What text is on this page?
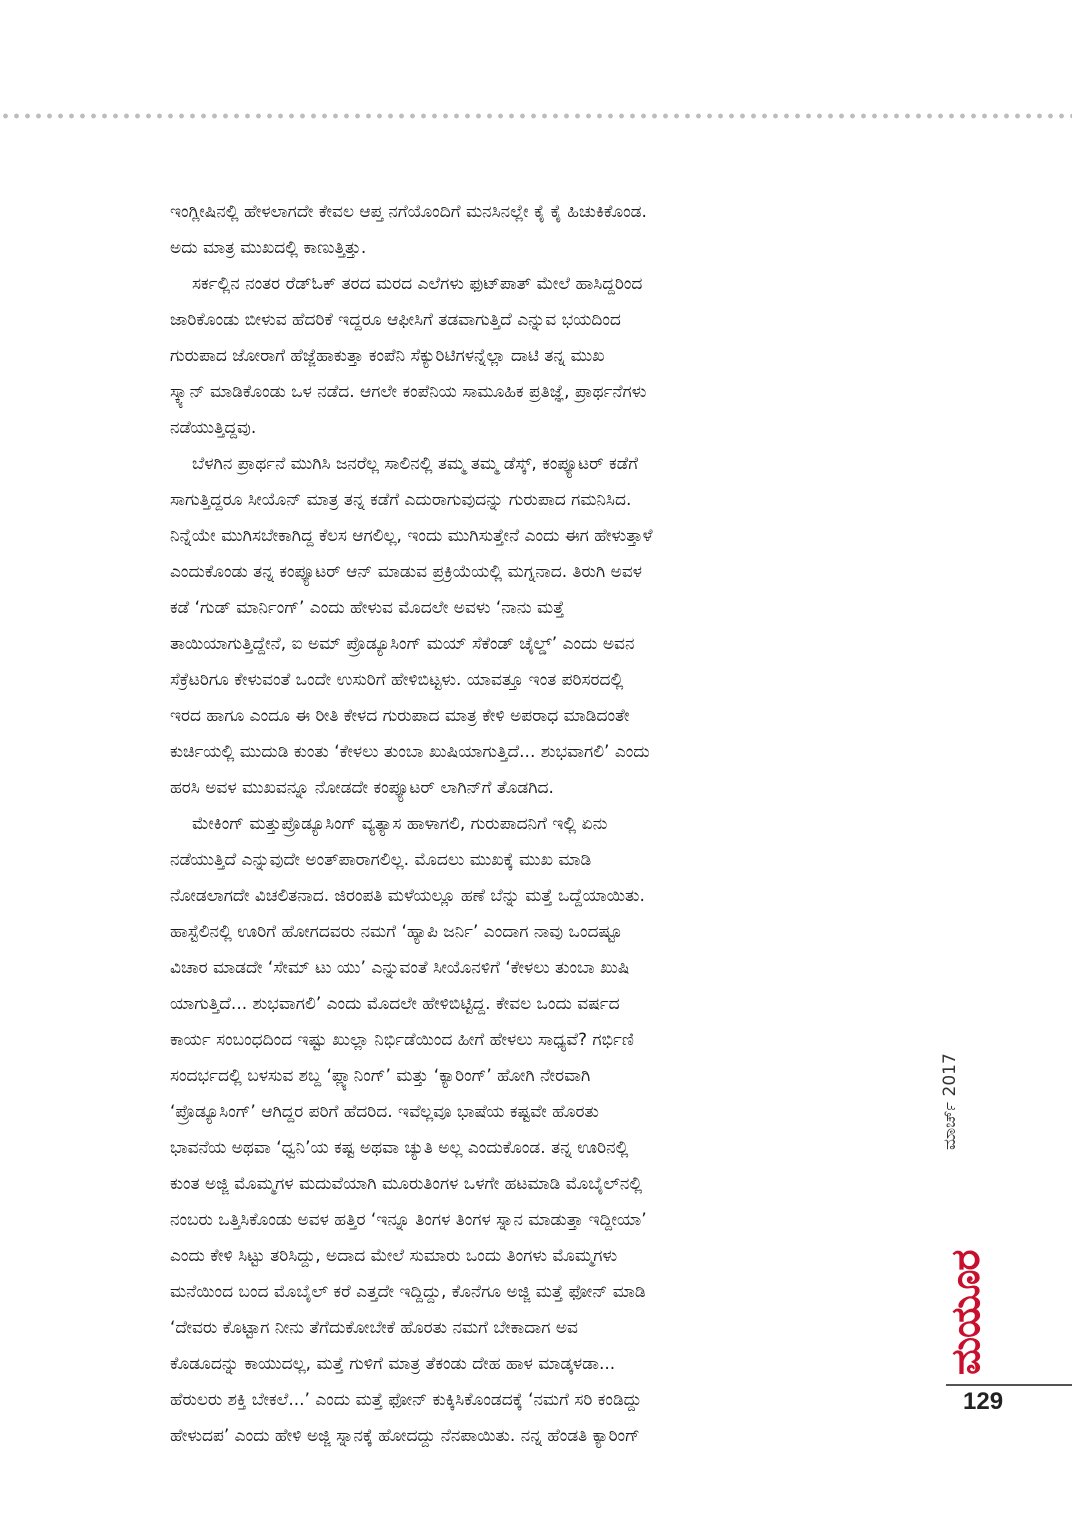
ಇಂಗ್ಲೀಷಿನಲ್ಲಿ ಹೇಳಲಾಗದೇ ಕೇವಲ ಆಪ್ತ ನಗೆಯೊಂದಿಗೆ ಮನಸಿನಲ್ಲೇ ಕೈ ಕೈ ಹಿಚುಕಿಕೊಂಡ.
ಅದು ಮಾತ್ರ ಮುಖದಲ್ಲಿ ಕಾಣುತ್ತಿತ್ತು.
ಸರ್ಕಲ್ಲಿನ ನಂತರ ರೆಡ್‌ಓಕ್ ತರದ ಮರದ ಎಲೆಗಳು ಫುಟ್‌ಪಾತ್ ಮೇಲೆ ಹಾಸಿದ್ದರಿಂದ
ಜಾರಿಕೊಂಡು ಬೀಳುವ ಹೆದರಿಕೆ ಇದ್ದರೂ ಆಫೀಸಿಗೆ ತಡವಾಗುತ್ತಿದೆ ಎನ್ನುವ ಭಯದಿಂದ
ಗುರುಪಾದ ಜೋರಾಗೆ ಹೆಜ್ಜೆಹಾಕುತ್ತಾ ಕಂಪೆನಿ ಸೆಕ್ಯುರಿಟಿಗಳನ್ನೆಲ್ಲಾ ದಾಟಿ ತನ್ನ ಮುಖ
ಸ್ಕ್ಯಾನ್ ಮಾಡಿಕೊಂಡು ಒಳ ನಡೆದ. ಆಗಲೇ ಕಂಪೆನಿಯ ಸಾಮೂಹಿಕ ಪ್ರತಿಜ್ಞೆ, ಪ್ರಾರ್ಥನೆಗಳು
ನಡೆಯುತ್ತಿದ್ದವು.
ಬೆಳಗಿನ ಪ್ರಾರ್ಥನೆ ಮುಗಿಸಿ ಜನರೆಲ್ಲ ಸಾಲಿನಲ್ಲಿ ತಮ್ಮ ತಮ್ಮ ಡೆಸ್ಕ್, ಕಂಪ್ಯೂಟರ್ ಕಡೆಗೆ
ಸಾಗುತ್ತಿದ್ದರೂ ಸೀಯೊನ್ ಮಾತ್ರ ತನ್ನ ಕಡೆಗೆ ಎದುರಾಗುವುದನ್ನು ಗುರುಪಾದ ಗಮನಿಸಿದ.
ನಿನ್ನೆಯೇ ಮುಗಿಸಬೇಕಾಗಿದ್ದ ಕೆಲಸ ಆಗಲಿಲ್ಲ, ಇಂದು ಮುಗಿಸುತ್ತೇನೆ ಎಂದು ಈಗ ಹೇಳುತ್ತಾಳೆ
ಎಂದುಕೊಂಡು ತನ್ನ ಕಂಪ್ಯೂಟರ್ ಆನ್ ಮಾಡುವ ಪ್ರಕ್ರಿಯೆಯಲ್ಲಿ ಮಗ್ನನಾದ. ತಿರುಗಿ ಅವಳ
ಕಡೆ ‘ಗುಡ್ ಮಾರ್ನಿಂಗ್’ ಎಂದು ಹೇಳುವ ಮೊದಲೇ ಅವಳು ‘ನಾನು ಮತ್ತೆ
ತಾಯಿಯಾಗುತ್ತಿದ್ದೇನೆ, ಐ ಅಮ್ ಪ್ರೊಡ್ಯೂಸಿಂಗ್ ಮಯ್ ಸೆಕೆಂಡ್ ಚೈಲ್ಡ್’ ಎಂದು ಅವನ
ಸೆಕ್ರೆಟರಿಗೂ ಕೇಳುವಂತೆ ಒಂದೇ ಉಸುರಿಗೆ ಹೇಳಿಬಿಟ್ಟಳು. ಯಾವತ್ತೂ ಇಂತ ಪರಿಸರದಲ್ಲಿ
ಇರದ ಹಾಗೂ ಎಂದೂ ಈ ರೀತಿ ಕೇಳದ ಗುರುಪಾದ ಮಾತ್ರ ಕೇಳಿ ಅಪರಾಧ ಮಾಡಿದಂತೇ
ಕುರ್ಚಿಯಲ್ಲಿ ಮುದುಡಿ ಕುಂತು ‘ಕೇಳಲು ತುಂಬಾ ಖುಷಿಯಾಗುತ್ತಿದೆ... ಶುಭವಾಗಲಿ’ ಎಂದು
ಹರಸಿ ಅವಳ ಮುಖವನ್ನೂ ನೋಡದೇ ಕಂಪ್ಯೂಟರ್ ಲಾಗಿನ್‌ಗೆ ತೊಡಗಿದ.
ಮೇಕಿಂಗ್ ಮತ್ತುಪ್ರೊಡ್ಯೂಸಿಂಗ್ ವ್ಯತ್ಯಾಸ ಹಾಳಾಗಲಿ, ಗುರುಪಾದನಿಗೆ ಇಲ್ಲಿ ಏನು
ನಡೆಯುತ್ತಿದೆ ಎನ್ನುವುದೇ ಅಂತ್‌ಪಾರಾಗಲಿಲ್ಲ. ಮೊದಲು ಮುಖಕ್ಕೆ ಮುಖ ಮಾಡಿ
ನೋಡಲಾಗದೇ ವಿಚಲಿತನಾದ. ಜಿರಂಪತಿ ಮಳೆಯಲ್ಲೂ ಹಣೆ ಬೆನ್ನು ಮತ್ತೆ ಒದ್ದೆಯಾಯಿತು.
ಹಾಸ್ಟೆಲಿನಲ್ಲಿ ಊರಿಗೆ ಹೋಗದವರು ನಮಗೆ ‘ಹ್ಯಾಪಿ ಜರ್ನಿ’ ಎಂದಾಗ ನಾವು ಒಂದಷ್ಟೂ
ವಿಚಾರ ಮಾಡದೇ ‘ಸೇಮ್ ಟು ಯು’ ಎನ್ನುವಂತೆ ಸೀಯೊನಳಿಗೆ ‘ಕೇಳಲು ತುಂಬಾ ಖುಷಿ
ಯಾಗುತ್ತಿದೆ... ಶುಭವಾಗಲಿ’ ಎಂದು ಮೊದಲೇ ಹೇಳಿಬಿಟ್ಟಿದ್ದ. ಕೇವಲ ಒಂದು ವರ್ಷದ
ಕಾರ್ಯ ಸಂಬಂಧದಿಂದ ಇಷ್ಟು ಖುಲ್ಲಾ ನಿರ್ಭಿಡೆಯಿಂದ ಹೀಗೆ ಹೇಳಲು ಸಾಧ್ಯವೆ? ಗರ್ಭಿಣಿ
ಸಂದರ್ಭದಲ್ಲಿ ಬಳಸುವ ಶಬ್ದ ‘ಪ್ಲ್ಯಾನಿಂಗ್’ ಮತ್ತು ‘ಕ್ಯಾರಿಂಗ್’ ಹೋಗಿ ನೇರವಾಗಿ
‘ಪ್ರೊಡ್ಯೂಸಿಂಗ್’ ಆಗಿದ್ದರ ಪರಿಗೆ ಹೆದರಿದ. ಇವೆಲ್ಲವೂ ಭಾಷೆಯ ಕಷ್ಟವೇ ಹೊರತು
ಭಾವನೆಯ ಅಥವಾ ‘ಧ್ವನಿ’ಯ ಕಷ್ಟ ಅಥವಾ ಚ್ಯುತಿ ಅಲ್ಲ ಎಂದುಕೊಂಡ. ತನ್ನ ಊರಿನಲ್ಲಿ
ಕುಂತ ಅಜ್ಜಿ ಮೊಮ್ಮಗಳ ಮದುವೆಯಾಗಿ ಮೂರುತಿಂಗಳ ಒಳಗೇ ಹಟಮಾಡಿ ಮೊಬೈಲ್‌ನಲ್ಲಿ
ನಂಬರು ಒತ್ತಿಸಿಕೊಂಡು ಅವಳ ಹತ್ತಿರ ‘ಇನ್ನೂ ತಿಂಗಳ ತಿಂಗಳ ಸ್ನಾನ ಮಾಡುತ್ತಾ ಇದ್ದೀಯಾ’
ಎಂದು ಕೇಳಿ ಸಿಟ್ಟು ತರಿಸಿದ್ದು, ಅದಾದ ಮೇಲೆ ಸುಮಾರು ಒಂದು ತಿಂಗಳು ಮೊಮ್ಮಗಳು
ಮನೆಯಿಂದ ಬಂದ ಮೊಬೈಲ್ ಕರೆ ಎತ್ತದೇ ಇದ್ದಿದ್ದು, ಕೊನೆಗೂ ಅಜ್ಜಿ ಮತ್ತೆ ಫೋನ್ ಮಾಡಿ
‘ದೇವರು ಕೊಟ್ಟಾಗ ನೀನು ತೆಗೆದುಕೋಬೇಕೆ ಹೊರತು ನಮಗೆ ಬೇಕಾದಾಗ ಅವ
ಕೊಡೂದನ್ನು ಕಾಯುದಲ್ಲ, ಮತ್ತೆ ಗುಳಿಗೆ ಮಾತ್ರ ತೆಕಂಡು ದೇಹ ಹಾಳ ಮಾಡ್ಕಳಡಾ...
ಹೆರುಲರು ಶಕ್ತಿ ಬೇಕಲೆ...’ ಎಂದು ಮತ್ತೆ ಫೋನ್ ಕುಕ್ಕಿಸಿಕೊಂಡದಕ್ಕೆ ‘ನಮಗೆ ಸರಿ ಕಂಡಿದ್ದು
ಹೇಳುದಪ’ ಎಂದು ಹೇಳಿ ಅಜ್ಜಿ ಸ್ನಾನಕ್ಕೆ ಹೋದದ್ದು ನೆನಪಾಯಿತು. ನನ್ನ ಹೆಂಡತಿ ಕ್ಯಾರಿಂಗ್
ಮಾರ್ಚ್ 2017
ಮಯೂರ
129
